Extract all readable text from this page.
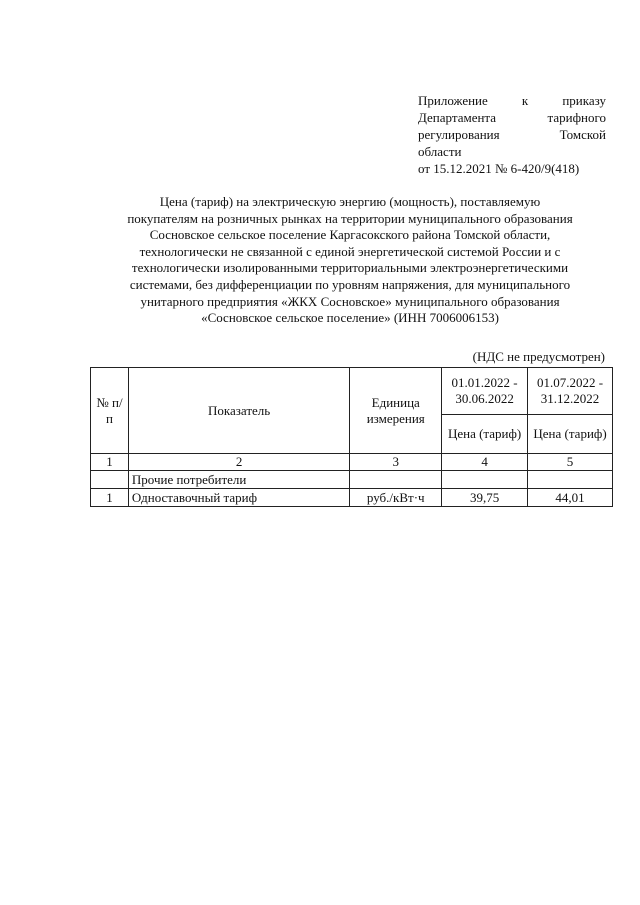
Приложение	к	приказу
Департамента	тарифного
регулирования	Томской
области
от 15.12.2021 № 6-420/9(418)
Цена (тариф) на электрическую энергию (мощность), поставляемую
покупателям на розничных рынках на территории муниципального образования
Сосновское сельское поселение Каргасокского района Томской области,
технологически не связанной с единой энергетической системой России и с
технологически изолированными территориальными электроэнергетическими
системами, без дифференциации по уровням напряжения, для муниципального
унитарного предприятия «ЖКХ Сосновское» муниципального образования
«Сосновское сельское поселение» (ИНН 7006006153)
(НДС не предусмотрен)
№ п/п	Показатель	Единица измерения	01.01.2022 - 30.06.2022	01.07.2022 - 31.12.2022
			Цена (тариф)	Цена (тариф)
1	2	3	4	5
	Прочие потребители			
1	Одноставочный тариф	руб./кВт·ч	39,75	44,01
